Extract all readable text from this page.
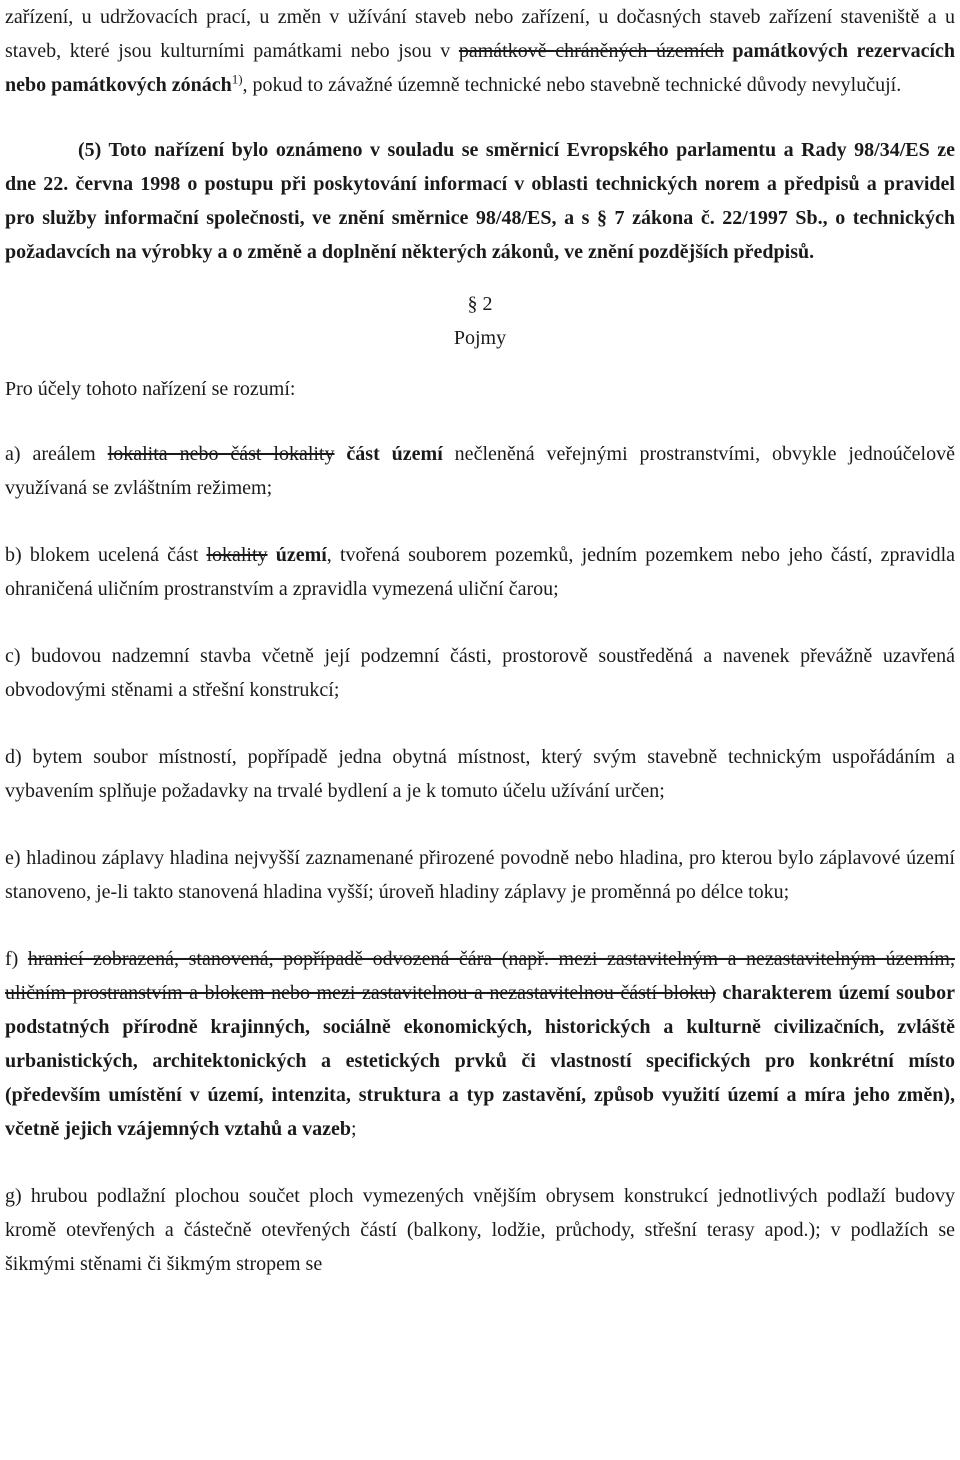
zařízení, u udržovacích prací, u změn v užívání staveb nebo zařízení, u dočasných staveb zařízení staveniště a u staveb, které jsou kulturními památkami nebo jsou v památkově chráněných územích památkových rezervacích nebo památkových zónách$^{1)}$, pokud to závažné územně technické nebo stavebně technické důvody nevylučují.

(5) Toto nařízení bylo oznámeno v souladu se směrnicí Evropského parlamentu a Rady 98/34/ES ze dne 22. června 1998 o postupu při poskytování informací v oblasti technických norem a předpisů a pravidel pro služby informační společnosti, ve znění směrnice 98/48/ES, a s § 7 zákona č. 22/1997 Sb., o technických požadavcích na výrobky a o změně a doplnění některých zákonů, ve znění pozdějších předpisů.

§ 2

Pojmy

Pro účely tohoto nařízení se rozumí:

a) areálem lokalita nebo část lokality část území nečleněná veřejnými prostranstvími, obvykle jednoúčelově využívaná se zvláštním režimem;

b) blokem ucelená část lokality území, tvořená souborem pozemků, jedním pozemkem nebo jeho částí, zpravidla ohraničená uličním prostranstvím a zpravidla vymezená uliční čarou;

c) budovou nadzemní stavba včetně její podzemní části, prostorově soustředěná a navenek převážně uzavřená obvodovými stěnami a střešní konstrukcí;

d) bytem soubor místností, popřípadě jedna obytná místnost, který svým stavebně technickým uspořádáním a vybavením splňuje požadavky na trvalé bydlení a je k tomuto účelu užívání určen;

e) hladinou záplavy hladina nejvyšší zaznamenané přirozené povodně nebo hladina, pro kterou bylo záplavové území stanoveno, je-li takto stanovená hladina vyšší; úroveň hladiny záplavy je proměnná po délce toku;

f) hranicí zobrazená, stanovená, popřípadě odvozená čára (např. mezi zastavitelným a nezastavitelným územím, uličním prostranstvím a blokem nebo mezi zastavitelnou a nezastavitelnou částí bloku) charakterem území soubor podstatných přírodně krajinných, sociálně ekonomických, historických a kulturně civilizačních, zvláště urbanistických, architektonických a estetických prvků či vlastností specifických pro konkrétní místo (především umístění v území, intenzita, struktura a typ zastavění, způsob využití území a míra jeho změn), včetně jejich vzájemných vztahů a vazeb;

g) hrubou podlažní plochou součet ploch vymezených vnějším obrysem konstrukcí jednotlivých podlaží budovy kromě otevřených a částečně otevřených částí (balkony, lodžie, průchody, střešní terasy apod.); v podlažích se šikmými stěnami či šikmým stropem se
